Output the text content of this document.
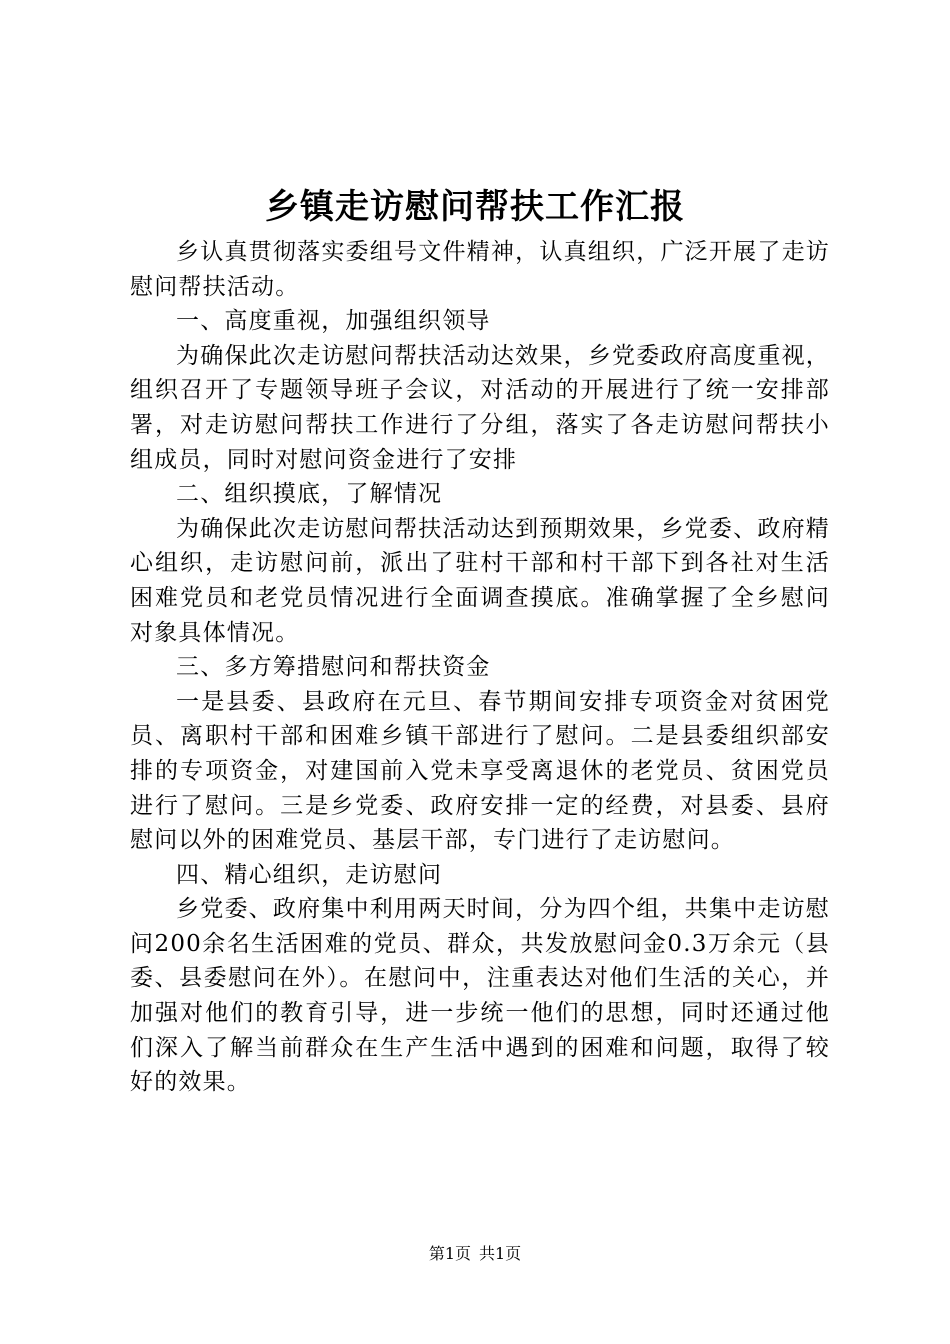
乡镇走访慰问帮扶工作汇报

乡认真贯彻落实委组号文件精神，认真组织，广泛开展了走访慰问帮扶活动。

一、高度重视，加强组织领导

为确保此次走访慰问帮扶活动达效果，乡党委政府高度重视，组织召开了专题领导班子会议，对活动的开展进行了统一安排部署，对走访慰问帮扶工作进行了分组，落实了各走访慰问帮扶小组成员，同时对慰问资金进行了安排

二、组织摸底，了解情况

为确保此次走访慰问帮扶活动达到预期效果，乡党委、政府精心组织，走访慰问前，派出了驻村干部和村干部下到各社对生活困难党员和老党员情况进行全面调查摸底。准确掌握了全乡慰问对象具体情况。

三、多方筹措慰问和帮扶资金

一是县委、县政府在元旦、春节期间安排专项资金对贫困党员、离职村干部和困难乡镇干部进行了慰问。二是县委组织部安排的专项资金，对建国前入党未享受离退休的老党员、贫困党员进行了慰问。三是乡党委、政府安排一定的经费，对县委、县府慰问以外的困难党员、基层干部，专门进行了走访慰问。

四、精心组织，走访慰问

乡党委、政府集中利用两天时间，分为四个组，共集中走访慰问200余名生活困难的党员、群众，共发放慰问金0.3万余元（县委、县委慰问在外）。在慰问中，注重表达对他们生活的关心，并加强对他们的教育引导，进一步统一他们的思想，同时还通过他们深入了解当前群众在生产生活中遇到的困难和问题，取得了较好的效果。

第1页 共1页
